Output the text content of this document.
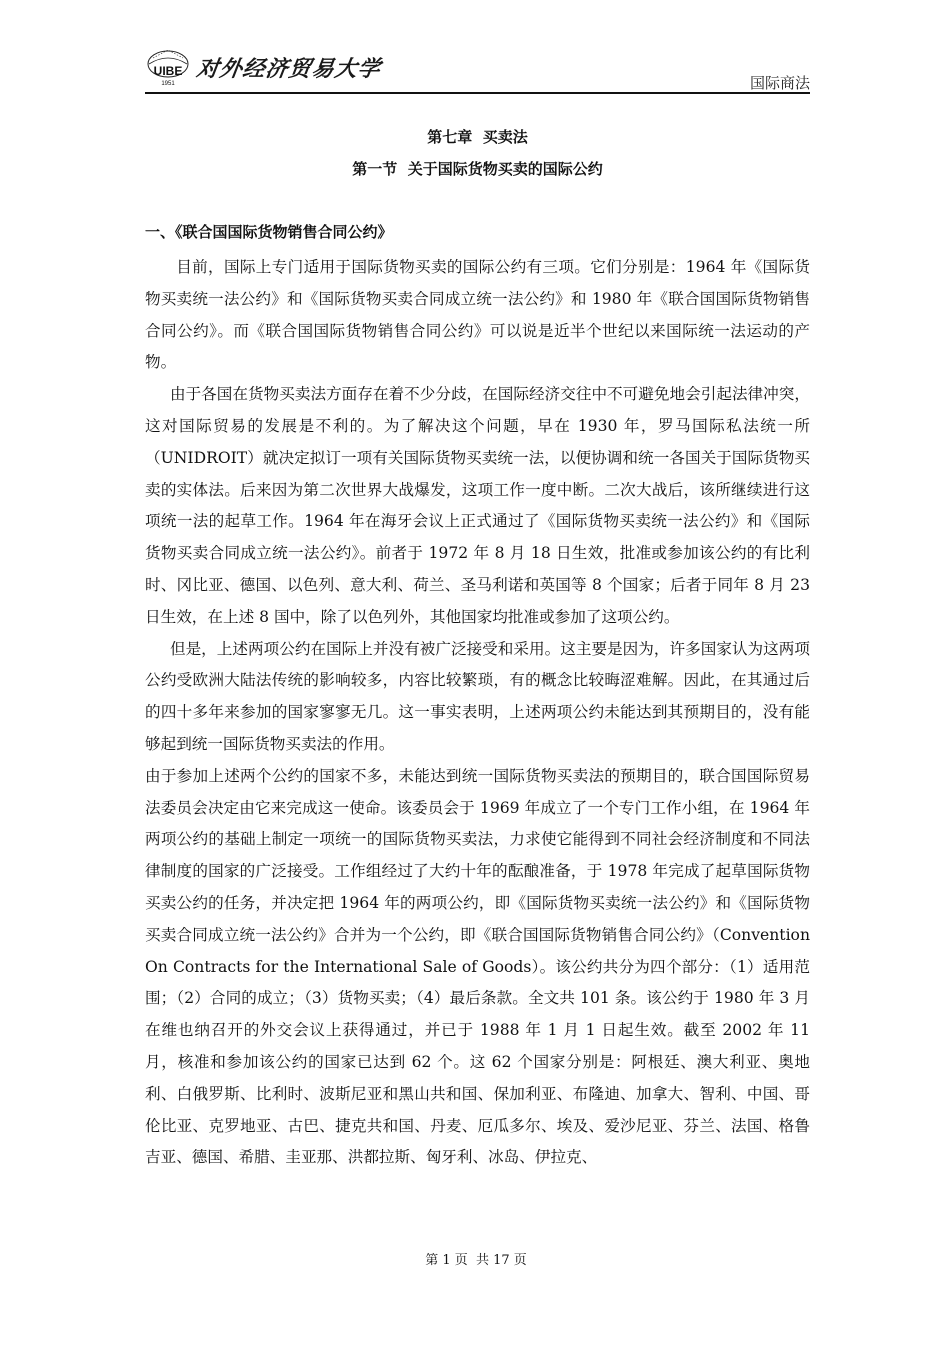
UIBE
1951
对外经济贸易大学
国际商法
第七章  买卖法
第一节  关于国际货物买卖的国际公约
一、《联合国国际货物销售合同公约》

目前，国际上专门适用于国际货物买卖的国际公约有三项。它们分别是：1964 年《国际货物买卖统一法公约》和《国际货物买卖合同成立统一法公约》和 1980 年《联合国国际货物销售合同公约》。而《联合国国际货物销售合同公约》可以说是近半个世纪以来国际统一法运动的产物。

由于各国在货物买卖法方面存在着不少分歧，在国际经济交往中不可避免地会引起法律冲突，这对国际贸易的发展是不利的。为了解决这个问题，早在 1930 年，罗马国际私法统一所（UNIDROIT）就决定拟订一项有关国际货物买卖统一法，以便协调和统一各国关于国际货物买卖的实体法。后来因为第二次世界大战爆发，这项工作一度中断。二次大战后，该所继续进行这项统一法的起草工作。1964 年在海牙会议上正式通过了《国际货物买卖统一法公约》和《国际货物买卖合同成立统一法公约》。前者于 1972 年 8 月 18 日生效，批准或参加该公约的有比利时、冈比亚、德国、以色列、意大利、荷兰、圣马利诺和英国等 8 个国家；后者于同年 8 月 23 日生效，在上述 8 国中，除了以色列外，其他国家均批准或参加了这项公约。

但是，上述两项公约在国际上并没有被广泛接受和采用。这主要是因为，许多国家认为这两项公约受欧洲大陆法传统的影响较多，内容比较繁琐，有的概念比较晦涩难解。因此，在其通过后的四十多年来参加的国家寥寥无几。这一事实表明，上述两项公约未能达到其预期目的，没有能够起到统一国际货物买卖法的作用。

由于参加上述两个公约的国家不多，未能达到统一国际货物买卖法的预期目的，联合国国际贸易法委员会决定由它来完成这一使命。该委员会于 1969 年成立了一个专门工作小组，在 1964 年两项公约的基础上制定一项统一的国际货物买卖法，力求使它能得到不同社会经济制度和不同法律制度的国家的广泛接受。工作组经过了大约十年的酝酿准备，于 1978 年完成了起草国际货物买卖公约的任务，并决定把 1964 年的两项公约，即《国际货物买卖统一法公约》和《国际货物买卖合同成立统一法公约》合并为一个公约，即《联合国国际货物销售合同公约》（Convention On Contracts for the International Sale of Goods）。该公约共分为四个部分：（1）适用范围；（2）合同的成立；（3）货物买卖；（4）最后条款。全文共 101 条。该公约于 1980 年 3 月在维也纳召开的外交会议上获得通过，并已于 1988 年 1 月 1 日起生效。截至 2002 年 11 月，核准和参加该公约的国家已达到 62 个。这 62 个国家分别是：阿根廷、澳大利亚、奥地利、白俄罗斯、比利时、波斯尼亚和黑山共和国、保加利亚、布隆迪、加拿大、智利、中国、哥伦比亚、克罗地亚、古巴、捷克共和国、丹麦、厄瓜多尔、埃及、爱沙尼亚、芬兰、法国、格鲁吉亚、德国、希腊、圭亚那、洪都拉斯、匈牙利、冰岛、伊拉克、

第 1 页  共 17 页
